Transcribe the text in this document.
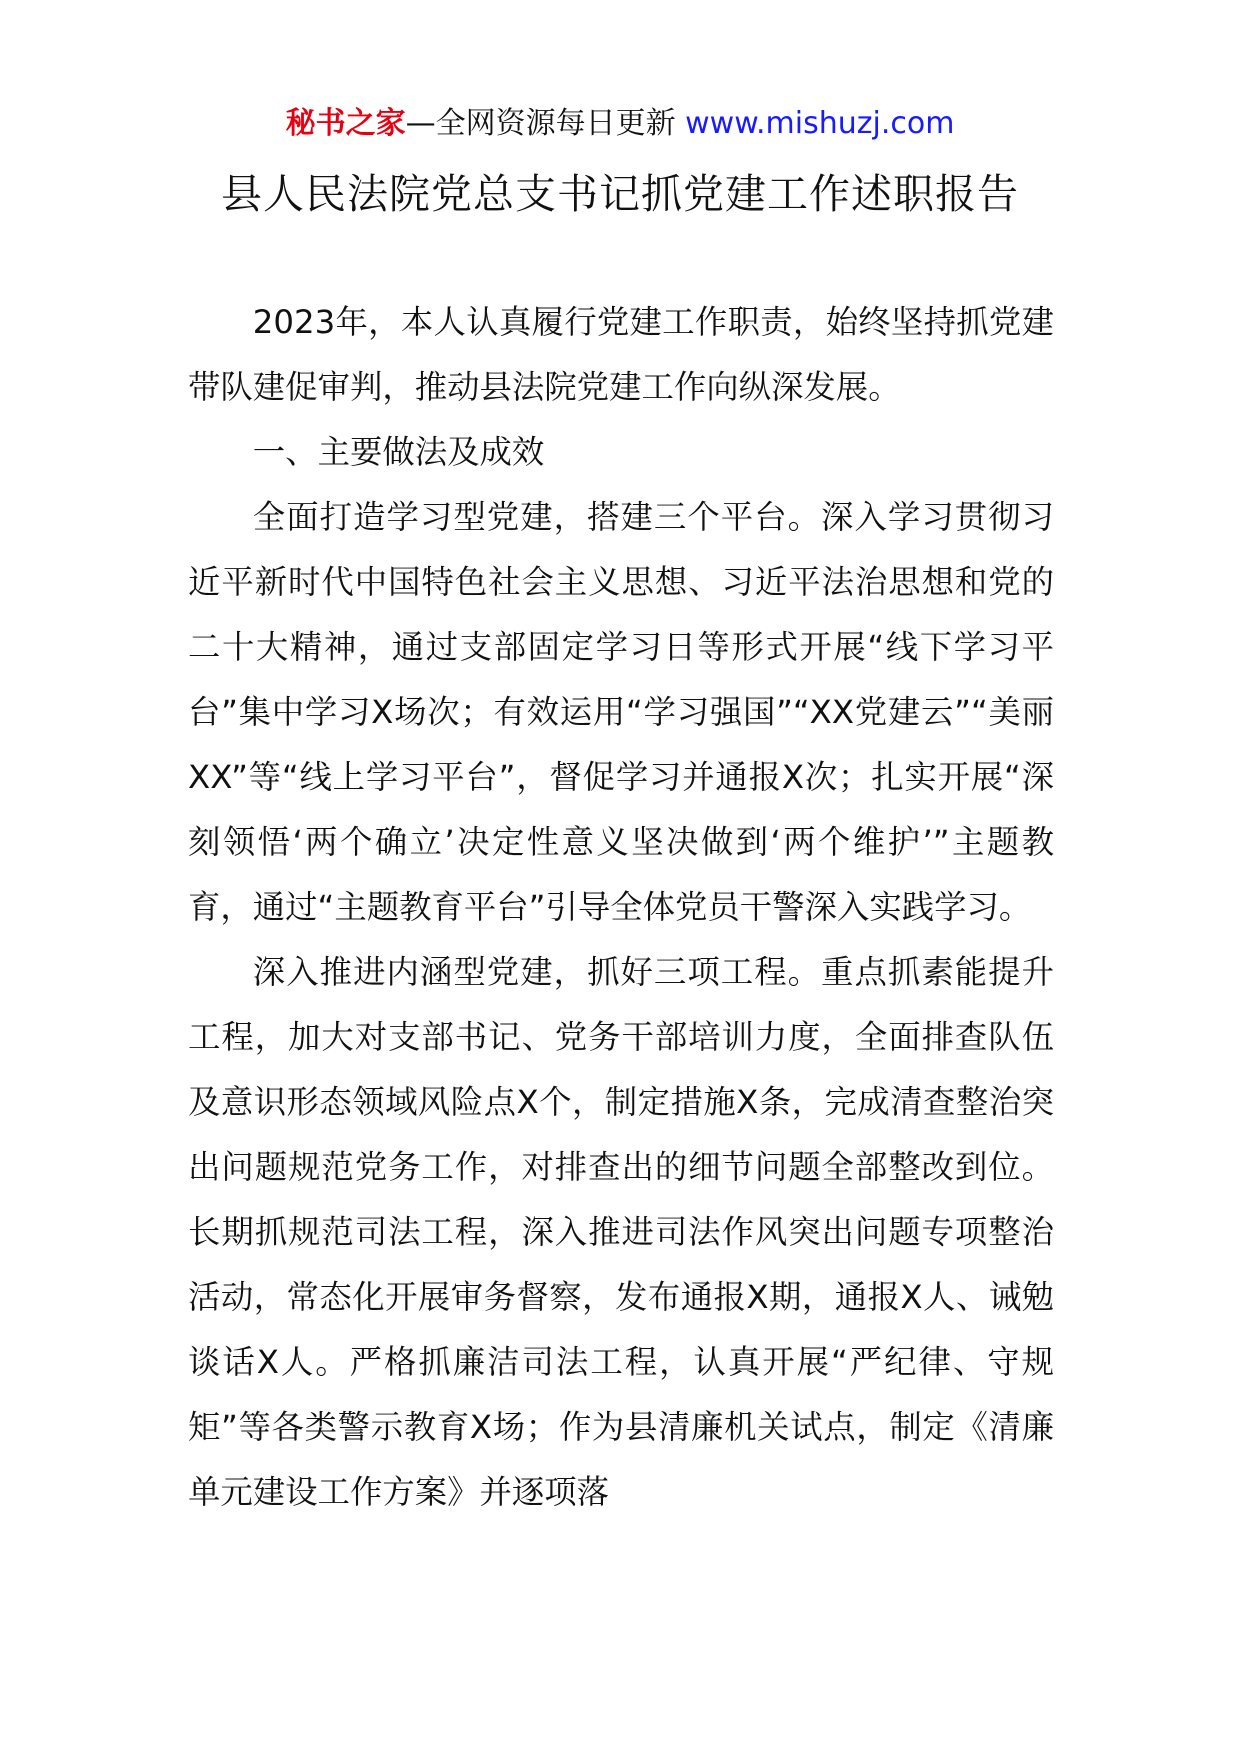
秘书之家—全网资源每日更新 www.mishuzj.com
县人民法院党总支书记抓党建工作述职报告

2023年，本人认真履行党建工作职责，始终坚持抓党建带队建促审判，推动县法院党建工作向纵深发展。

一、主要做法及成效

全面打造学习型党建，搭建三个平台。深入学习贯彻习近平新时代中国特色社会主义思想、习近平法治思想和党的二十大精神，通过支部固定学习日等形式开展“线下学习平台”集中学习X场次；有效运用“学习强国”“XX党建云”“美丽XX”等“线上学习平台”，督促学习并通报X次；扎实开展“深刻领悟‘两个确立’决定性意义坚决做到‘两个维护’”主题教育，通过“主题教育平台”引导全体党员干警深入实践学习。

深入推进内涵型党建，抓好三项工程。重点抓素能提升工程，加大对支部书记、党务干部培训力度，全面排查队伍及意识形态领域风险点X个，制定措施X条，完成清查整治突出问题规范党务工作，对排查出的细节问题全部整改到位。长期抓规范司法工程，深入推进司法作风突出问题专项整治活动，常态化开展审务督察，发布通报X期，通报X人、诫勉谈话X人。严格抓廉洁司法工程，认真开展“严纪律、守规矩”等各类警示教育X场；作为县清廉机关试点，制定《清廉单元建设工作方案》并逐项落
